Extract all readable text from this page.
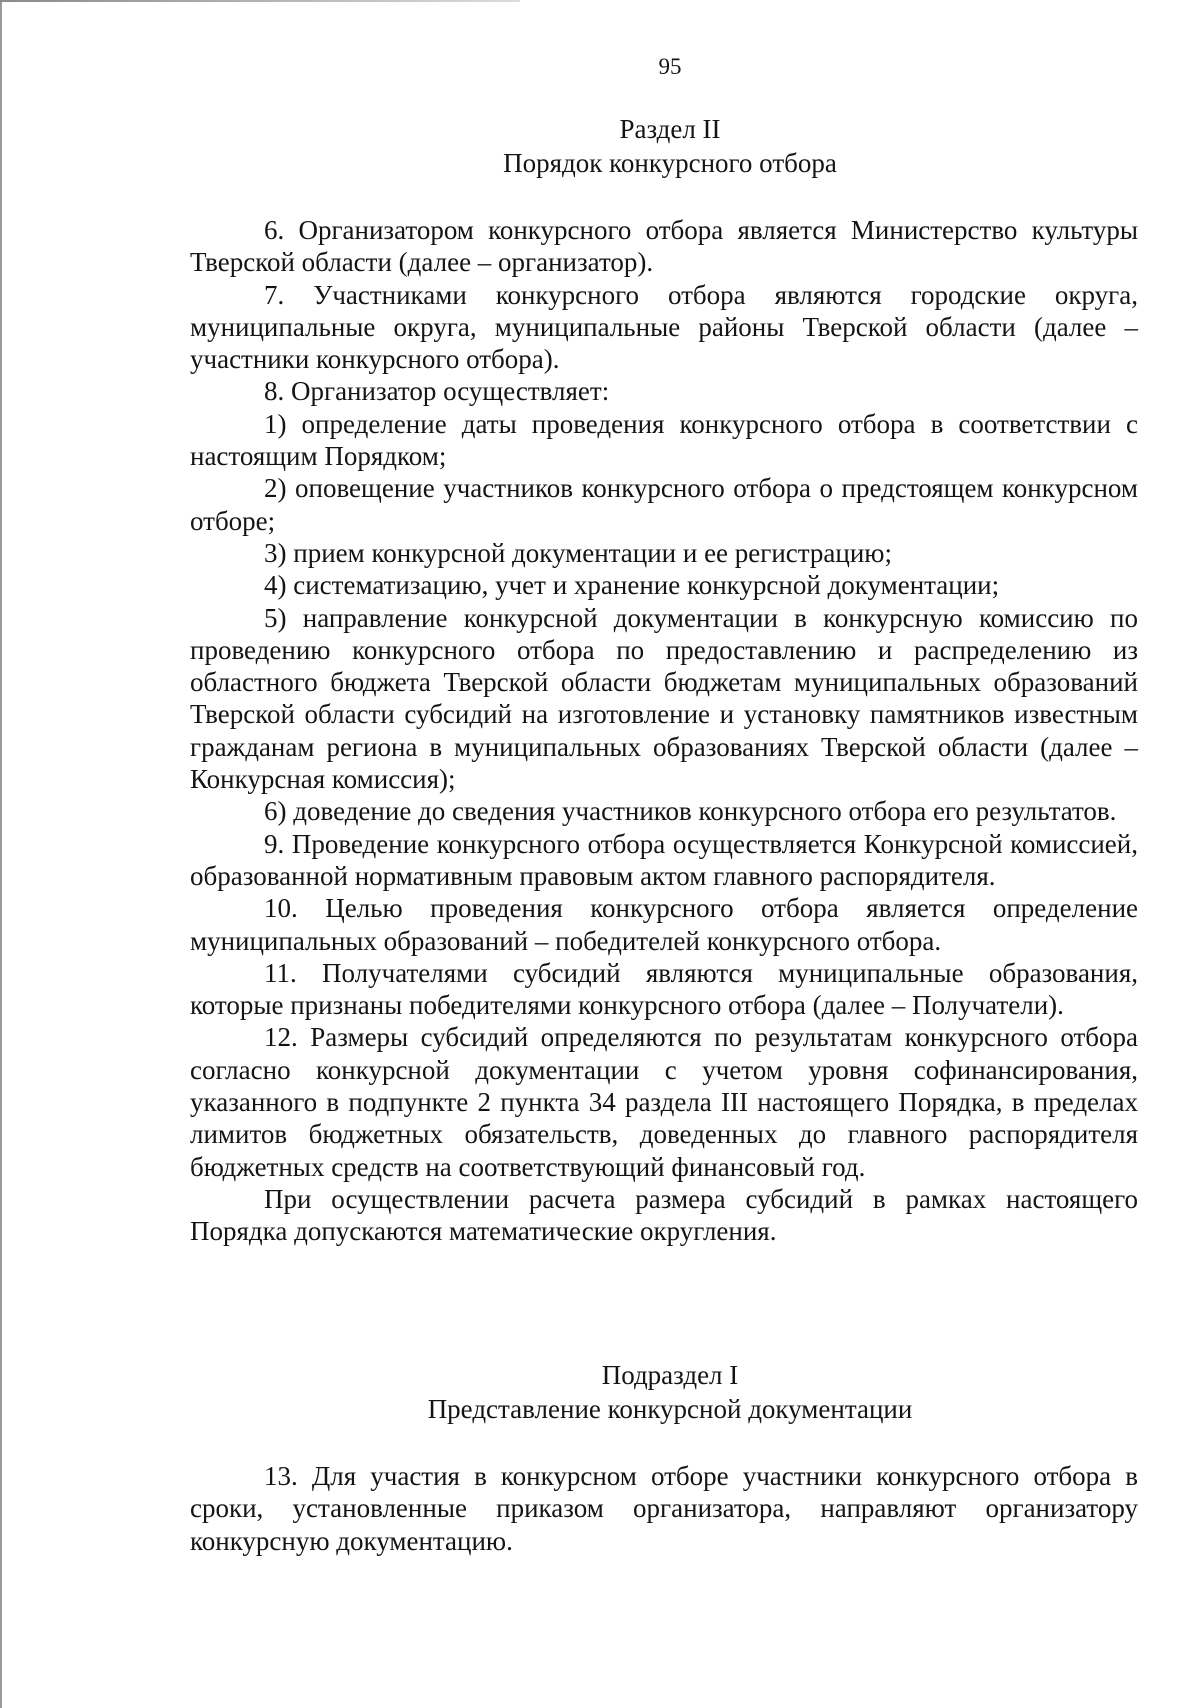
95
Раздел II
Порядок конкурсного отбора

6. Организатором конкурсного отбора является Министерство культуры Тверской области (далее – организатор).

7. Участниками конкурсного отбора являются городские округа, муниципальные округа, муниципальные районы Тверской области (далее – участники конкурсного отбора).

8. Организатор осуществляет:

1) определение даты проведения конкурсного отбора в соответствии с настоящим Порядком;

2) оповещение участников конкурсного отбора о предстоящем конкурсном отборе;

3) прием конкурсной документации и ее регистрацию;

4) систематизацию, учет и хранение конкурсной документации;

5) направление конкурсной документации в конкурсную комиссию по проведению конкурсного отбора по предоставлению и распределению из областного бюджета Тверской области бюджетам муниципальных образований Тверской области субсидий на изготовление и установку памятников известным гражданам региона в муниципальных образованиях Тверской области (далее – Конкурсная комиссия);

6) доведение до сведения участников конкурсного отбора его результатов.

9. Проведение конкурсного отбора осуществляется Конкурсной комиссией, образованной нормативным правовым актом главного распорядителя.

10. Целью проведения конкурсного отбора является определение муниципальных образований – победителей конкурсного отбора.

11. Получателями субсидий являются муниципальные образования, которые признаны победителями конкурсного отбора (далее – Получатели).

12. Размеры субсидий определяются по результатам конкурсного отбора согласно конкурсной документации с учетом уровня софинансирования, указанного в подпункте 2 пункта 34 раздела III настоящего Порядка, в пределах лимитов бюджетных обязательств, доведенных до главного распорядителя бюджетных средств на соответствующий финансовый год.

При осуществлении расчета размера субсидий в рамках настоящего Порядка допускаются математические округления.

Подраздел I
Представление конкурсной документации

13. Для участия в конкурсном отборе участники конкурсного отбора в сроки, установленные приказом организатора, направляют организатору конкурсную документацию.
